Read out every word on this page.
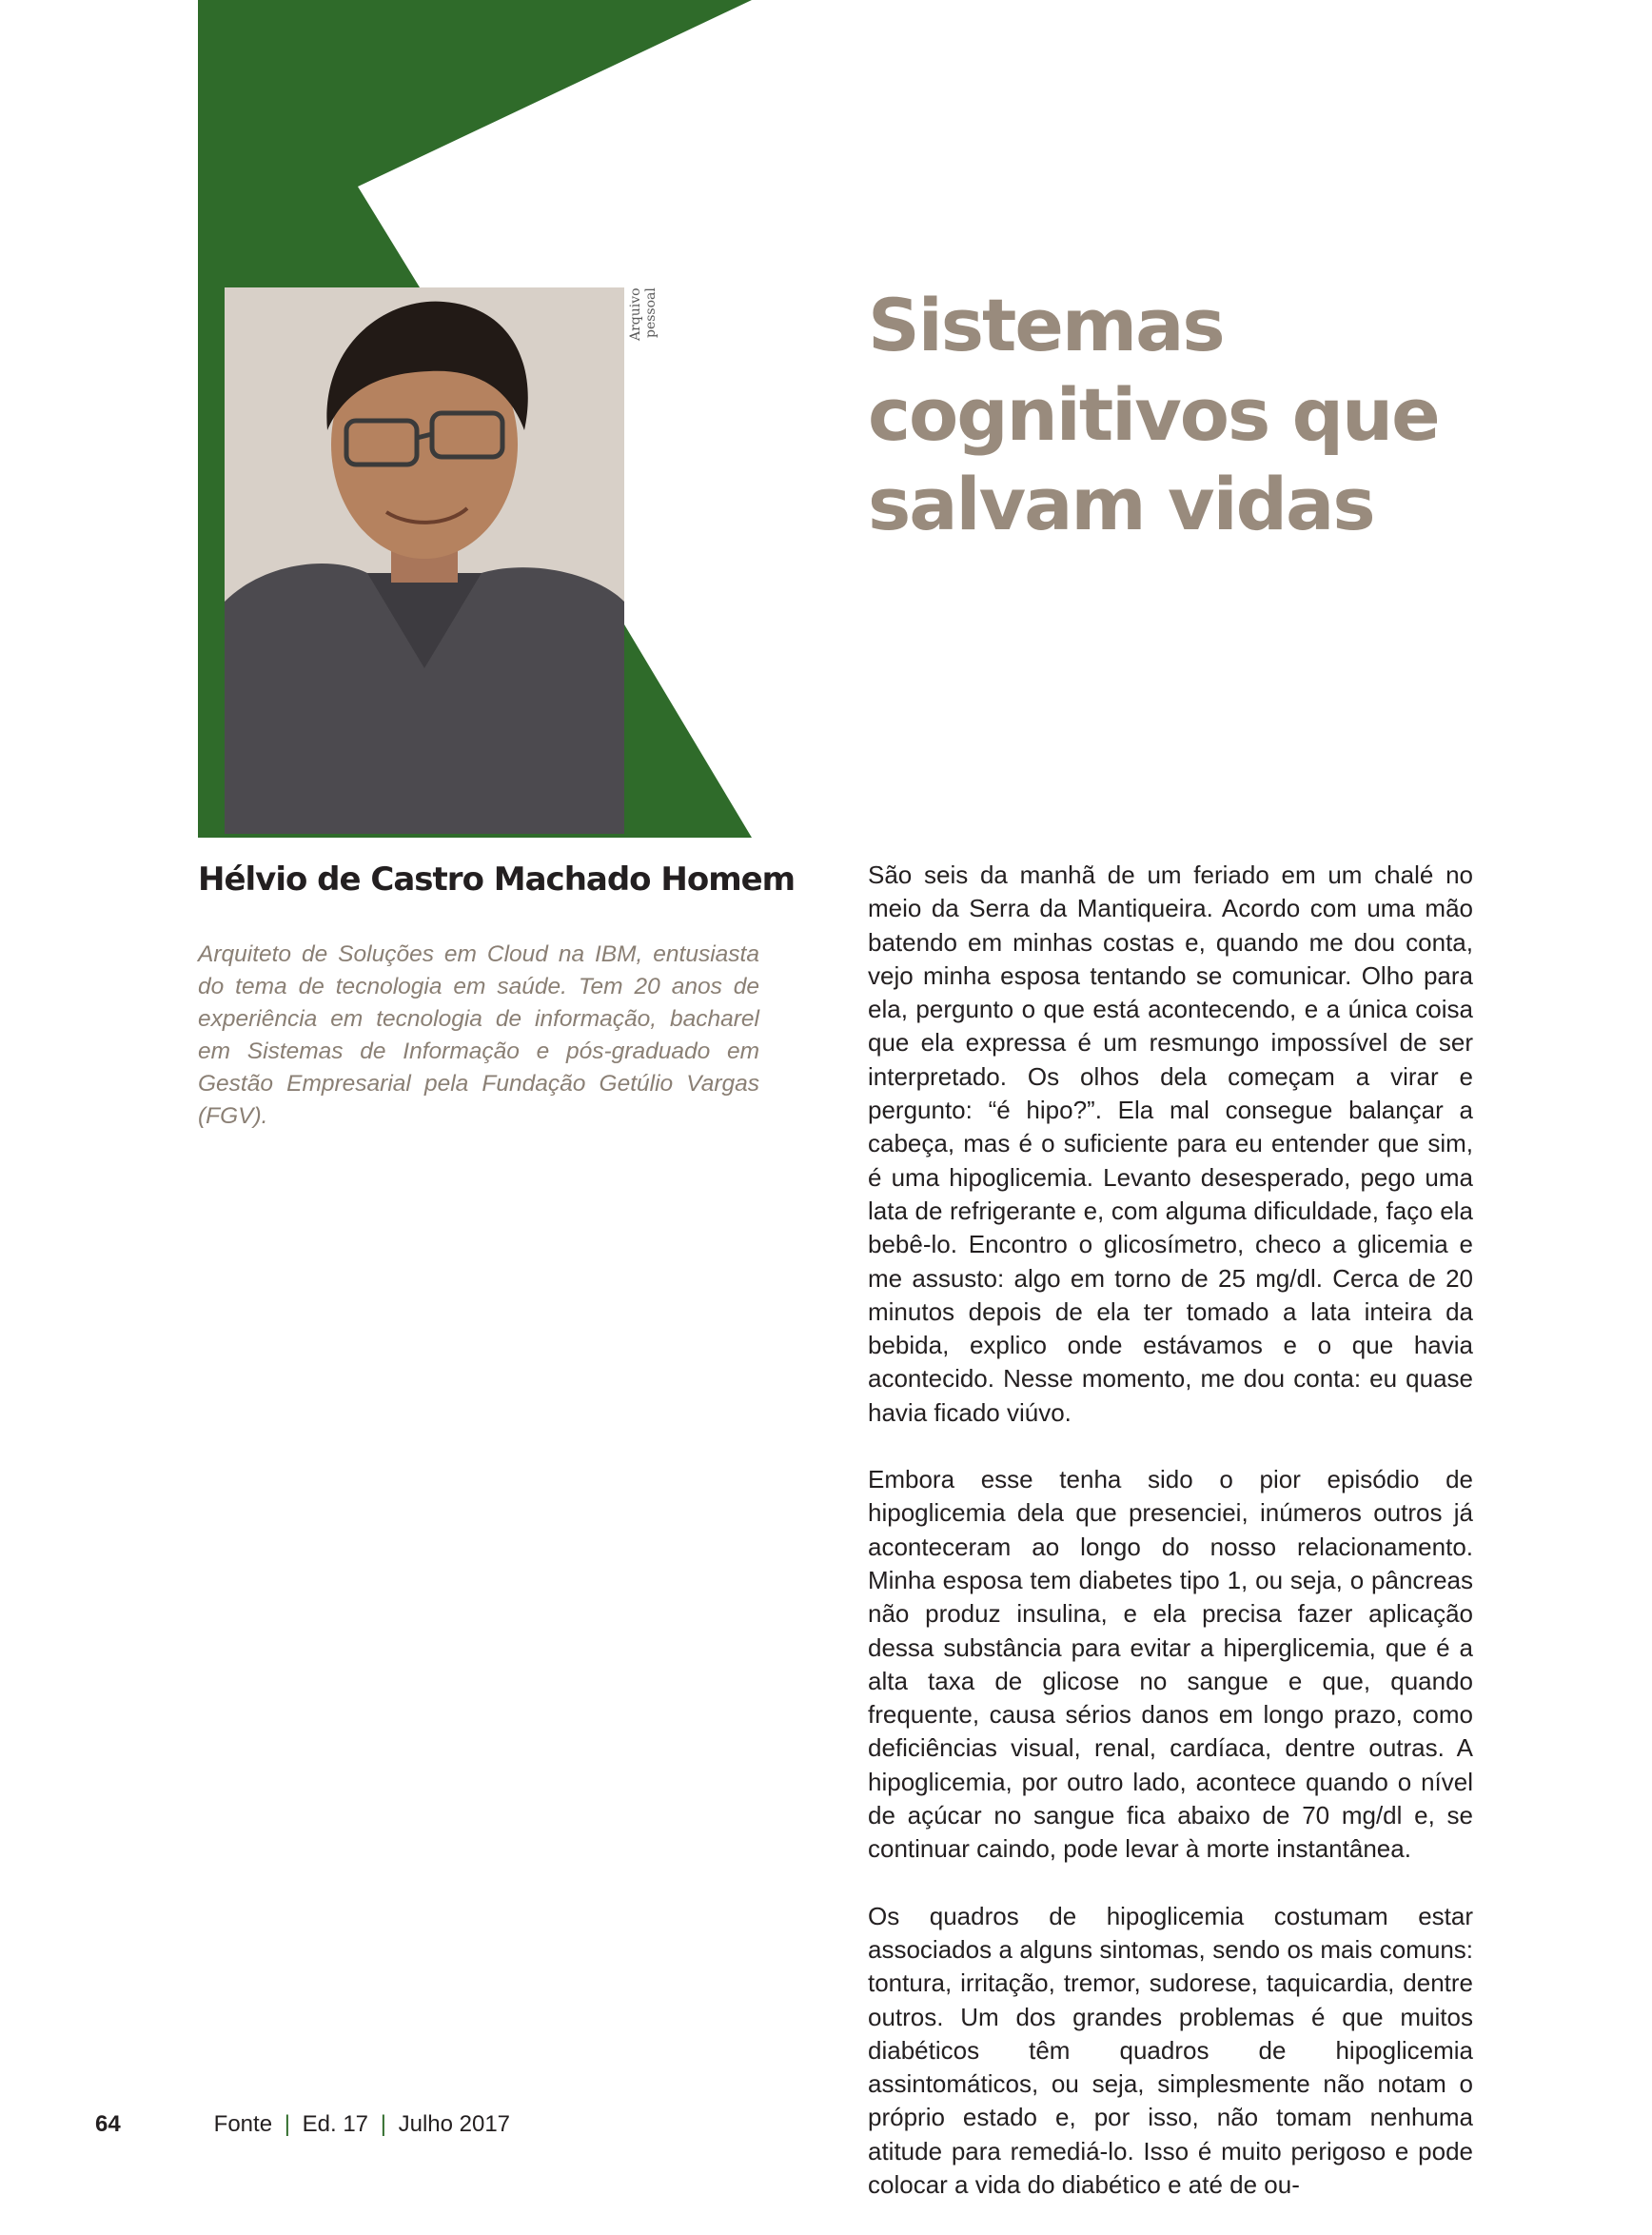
Arquivo pessoal	Sistemas
cognitivos que
salvam vidas
Hélvio de Castro Machado Homem

Arquiteto de Soluções em Cloud na IBM, entusiasta do tema de tecnologia em saúde. Tem 20 anos de experiência em tecnologia de informação, bacharel em Sistemas de Informação e pós-graduado em Gestão Empresarial pela Fundação Getúlio Vargas (FGV).

São seis da manhã de um feriado em um chalé no meio da Serra da Mantiqueira. Acordo com uma mão batendo em minhas costas e, quando me dou conta, vejo minha esposa tentando se comunicar. Olho para ela, pergunto o que está acontecendo, e a única coisa que ela expressa é um resmungo impossível de ser interpretado. Os olhos dela começam a virar e pergunto: “é hipo?”. Ela mal consegue balançar a cabeça, mas é o suficiente para eu entender que sim, é uma hipoglicemia. Levanto desesperado, pego uma lata de refrigerante e, com alguma dificuldade, faço ela bebê-lo. Encontro o glicosímetro, checo a glicemia e me assusto: algo em torno de 25 mg/dl. Cerca de 20 minutos depois de ela ter tomado a lata inteira da bebida, explico onde estávamos e o que havia acontecido. Nesse momento, me dou conta: eu quase havia ficado viúvo.

Embora esse tenha sido o pior episódio de hipoglicemia dela que presenciei, inúmeros outros já aconteceram ao longo do nosso relacionamento. Minha esposa tem diabetes tipo 1, ou seja, o pâncreas não produz insulina, e ela precisa fazer aplicação dessa substância para evitar a hiperglicemia, que é a alta taxa de glicose no sangue e que, quando frequente, causa sérios danos em longo prazo, como deficiências visual, renal, cardíaca, dentre outras. A hipoglicemia, por outro lado, acontece quando o nível de açúcar no sangue fica abaixo de 70 mg/dl e, se continuar caindo, pode levar à morte instantânea.

Os quadros de hipoglicemia costumam estar associados a alguns sintomas, sendo os mais comuns: tontura, irritação, tremor, sudorese, taquicardia, dentre outros. Um dos grandes problemas é que muitos diabéticos têm quadros de hipoglicemia assintomáticos, ou seja, simplesmente não notam o próprio estado e, por isso, não tomam nenhuma atitude para remediá-lo. Isso é muito perigoso e pode colocar a vida do diabético e até de ou-

64	Fonte | Ed. 17 | Julho 2017
